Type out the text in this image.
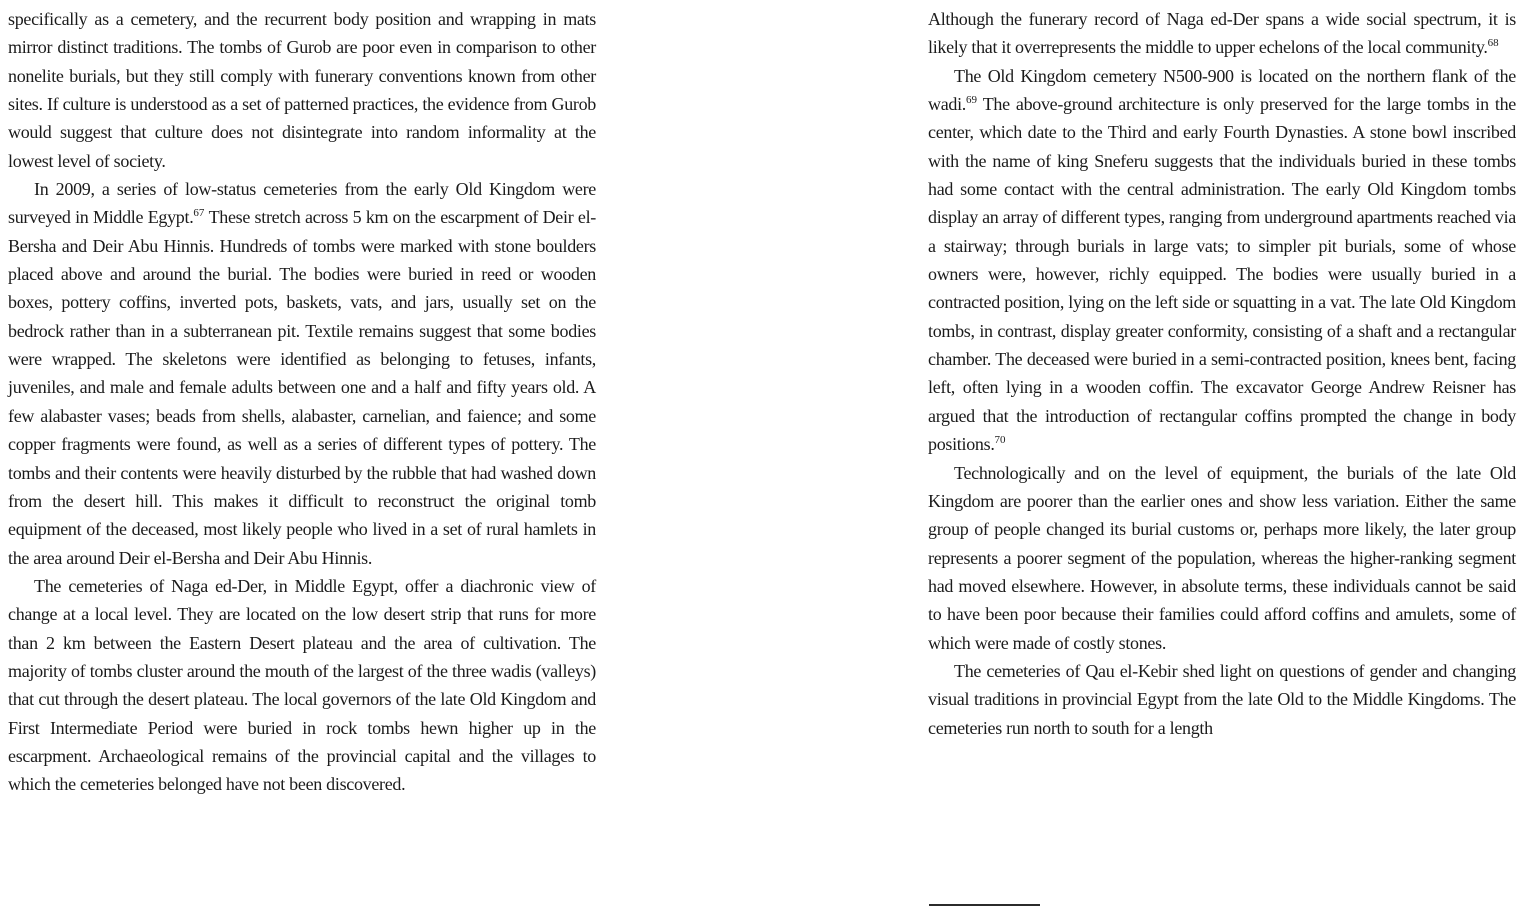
specifically as a cemetery, and the recurrent body position and wrapping in mats mirror distinct traditions. The tombs of Gurob are poor even in comparison to other nonelite burials, but they still comply with funerary conventions known from other sites. If culture is understood as a set of patterned practices, the evidence from Gurob would suggest that culture does not disintegrate into random informality at the lowest level of society.

In 2009, a series of low-status cemeteries from the early Old Kingdom were surveyed in Middle Egypt.$^{67}$ These stretch across 5 km on the escarpment of Deir el-Bersha and Deir Abu Hinnis. Hundreds of tombs were marked with stone boulders placed above and around the burial. The bodies were buried in reed or wooden boxes, pottery coffins, inverted pots, baskets, vats, and jars, usually set on the bedrock rather than in a subterranean pit. Textile remains suggest that some bodies were wrapped. The skeletons were identified as belonging to fetuses, infants, juveniles, and male and female adults between one and a half and fifty years old. A few alabaster vases; beads from shells, alabaster, carnelian, and faience; and some copper fragments were found, as well as a series of different types of pottery. The tombs and their contents were heavily disturbed by the rubble that had washed down from the desert hill. This makes it difficult to reconstruct the original tomb equipment of the deceased, most likely people who lived in a set of rural hamlets in the area around Deir el-Bersha and Deir Abu Hinnis.

The cemeteries of Naga ed-Der, in Middle Egypt, offer a diachronic view of change at a local level. They are located on the low desert strip that runs for more than 2 km between the Eastern Desert plateau and the area of cultivation. The majority of tombs cluster around the mouth of the largest of the three wadis (valleys) that cut through the desert plateau. The local governors of the late Old Kingdom and First Intermediate Period were buried in rock tombs hewn higher up in the escarpment. Archaeological remains of the provincial capital and the villages to which the cemeteries belonged have not been discovered.

Although the funerary record of Naga ed-Der spans a wide social spectrum, it is likely that it overrepresents the middle to upper echelons of the local community.$^{68}$

The Old Kingdom cemetery N500-900 is located on the northern flank of the wadi.$^{69}$ The above-ground architecture is only preserved for the large tombs in the center, which date to the Third and early Fourth Dynasties. A stone bowl inscribed with the name of king Sneferu suggests that the individuals buried in these tombs had some contact with the central administration. The early Old Kingdom tombs display an array of different types, ranging from underground apartments reached via a stairway; through burials in large vats; to simpler pit burials, some of whose owners were, however, richly equipped. The bodies were usually buried in a contracted position, lying on the left side or squatting in a vat. The late Old Kingdom tombs, in contrast, display greater conformity, consisting of a shaft and a rectangular chamber. The deceased were buried in a semi-contracted position, knees bent, facing left, often lying in a wooden coffin. The excavator George Andrew Reisner has argued that the introduction of rectangular coffins prompted the change in body positions.$^{70}$

Technologically and on the level of equipment, the burials of the late Old Kingdom are poorer than the earlier ones and show less variation. Either the same group of people changed its burial customs or, perhaps more likely, the later group represents a poorer segment of the population, whereas the higher-ranking segment had moved elsewhere. However, in absolute terms, these individuals cannot be said to have been poor because their families could afford coffins and amulets, some of which were made of costly stones.

The cemeteries of Qau el-Kebir shed light on questions of gender and changing visual traditions in provincial Egypt from the late Old to the Middle Kingdoms. The cemeteries run north to south for a length
